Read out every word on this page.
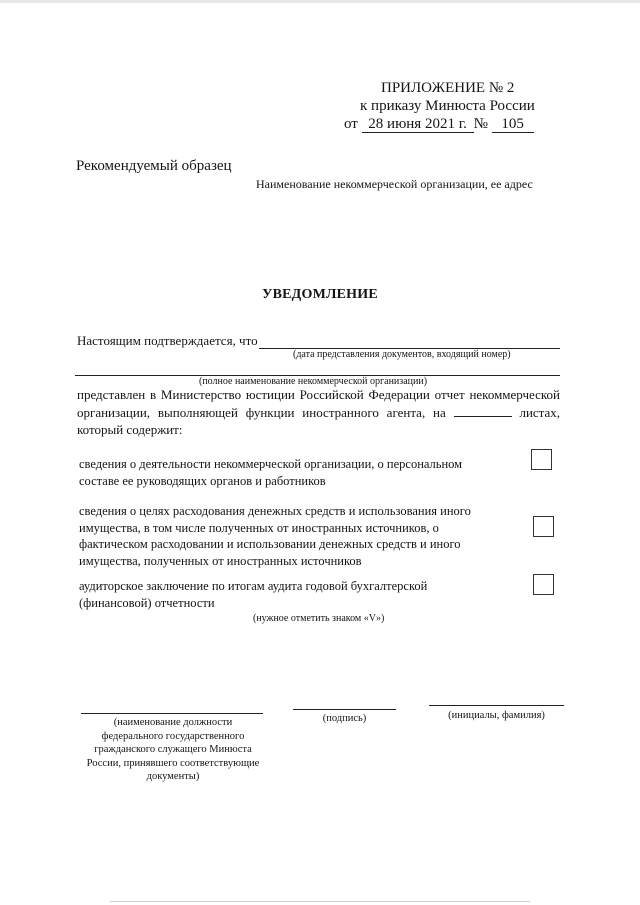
ПРИЛОЖЕНИЕ № 2
к приказу Минюста России
от 28 июня 2021 г. № 105
Рекомендуемый образец
Наименование некоммерческой организации, ее адрес
УВЕДОМЛЕНИЕ
Настоящим подтверждается, что
(дата представления документов, входящий номер)
(полное наименование некоммерческой организации)
представлен в Министерство юстиции Российской Федерации отчет некоммерческой организации, выполняющей функции иностранного агента, на	листах, который содержит:
сведения о деятельности некоммерческой организации, о персональном составе ее руководящих органов и работников
сведения о целях расходования денежных средств и использования иного имущества, в том числе полученных от иностранных источников, о фактическом расходовании и использовании денежных средств и иного имущества, полученных от иностранных источников
аудиторское заключение по итогам аудита годовой бухгалтерской (финансовой) отчетности
(нужное отметить знаком «V»)
(наименование должности федерального государственного гражданского служащего Минюста России, принявшего соответствующие документы)
(подпись)	(инициалы, фамилия)
